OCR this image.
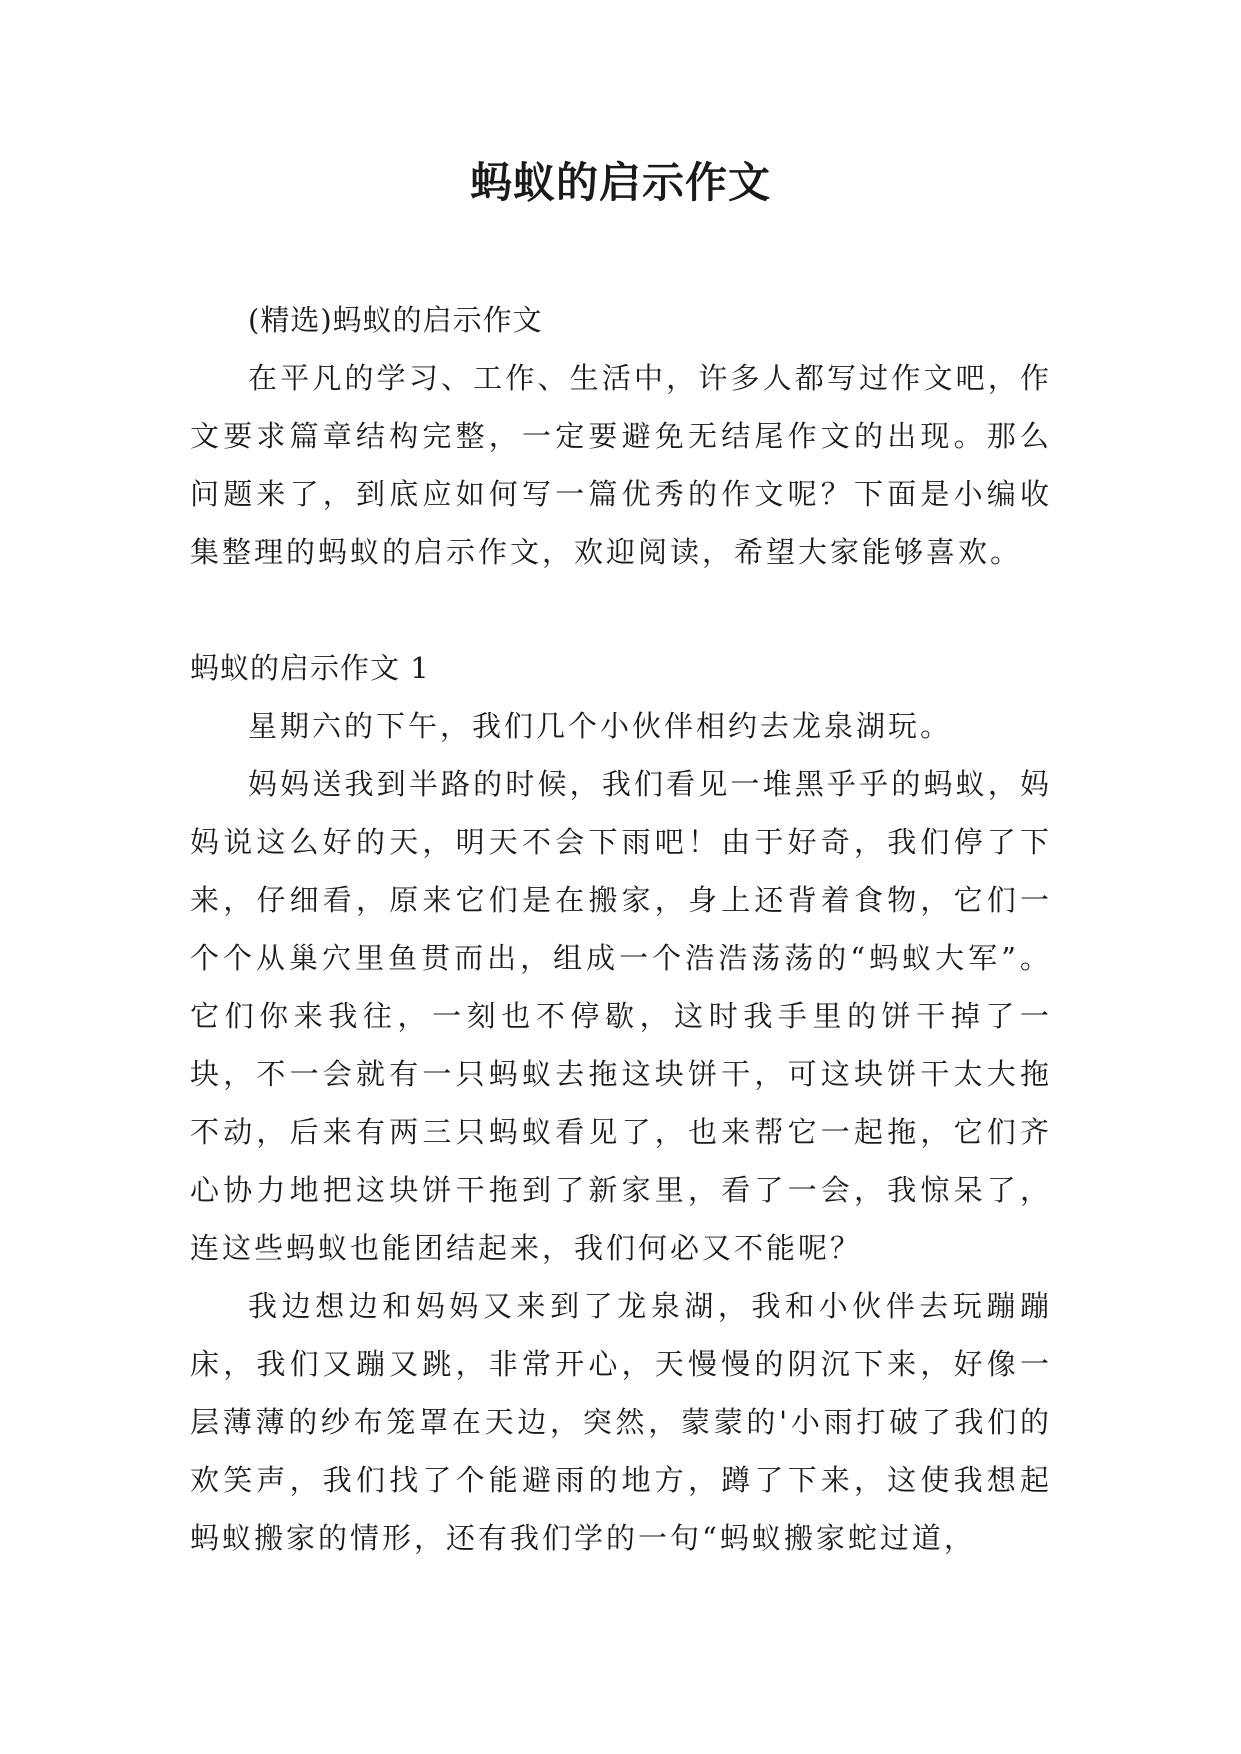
蚂蚁的启示作文

(精选)蚂蚁的启示作文

在平凡的学习、工作、生活中，许多人都写过作文吧，作文要求篇章结构完整，一定要避免无结尾作文的出现。那么问题来了，到底应如何写一篇优秀的作文呢？下面是小编收集整理的蚂蚁的启示作文，欢迎阅读，希望大家能够喜欢。

蚂蚁的启示作文 1

星期六的下午，我们几个小伙伴相约去龙泉湖玩。

妈妈送我到半路的时候，我们看见一堆黑乎乎的蚂蚁，妈妈说这么好的天，明天不会下雨吧！由于好奇，我们停了下来，仔细看，原来它们是在搬家，身上还背着食物，它们一个个从巢穴里鱼贯而出，组成一个浩浩荡荡的“蚂蚁大军”。它们你来我往，一刻也不停歇，这时我手里的饼干掉了一块，不一会就有一只蚂蚁去拖这块饼干，可这块饼干太大拖不动，后来有两三只蚂蚁看见了，也来帮它一起拖，它们齐心协力地把这块饼干拖到了新家里，看了一会，我惊呆了，连这些蚂蚁也能团结起来，我们何必又不能呢？

我边想边和妈妈又来到了龙泉湖，我和小伙伴去玩蹦蹦床，我们又蹦又跳，非常开心，天慢慢的阴沉下来，好像一层薄薄的纱布笼罩在天边，突然，蒙蒙的'小雨打破了我们的欢笑声，我们找了个能避雨的地方，蹲了下来，这使我想起蚂蚁搬家的情形，还有我们学的一句“蚂蚁搬家蛇过道，
